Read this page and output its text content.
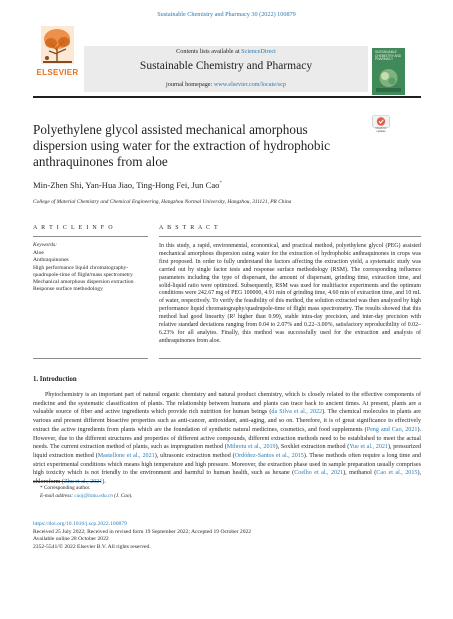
Sustainable Chemistry and Pharmacy 30 (2022) 100879
ELSEVIER
Contents lists available at ScienceDirect
Sustainable Chemistry and Pharmacy
journal homepage: www.elsevier.com/locate/scp
SUSTAINABLE CHEMISTRY AND PHARMACY
Check for updates
Polyethylene glycol assisted mechanical amorphous dispersion using water for the extraction of hydrophobic anthraquinones from aloe
Min-Zhen Shi, Yan-Hua Jiao, Ting-Hong Fei, Jun Cao*
College of Material Chemistry and Chemical Engineering, Hangzhou Normal University, Hangzhou, 311121, PR China
A R T I C L E I N F O	A B S T R A C T
Keywords:
Aloe
Anthraquinones
High performance liquid chromatography-
quadrupole-time of flight/mass spectrometry
Mechanical amorphous dispersion extraction
Response surface methodology
In this study, a rapid, environmental, economical, and practical method, polyethylene glycol (PEG) assisted mechanical amorphous dispersion using water for the extraction of hydrophobic anthraquinones in crops was first proposed. In order to fully understand the factors affecting the extraction yield, a systematic study was carried out by single factor tests and response surface methodology (RSM). The corresponding influence parameters including the type of dispersant, the amount of dispersant, grinding time, extraction time, and solid-liquid ratio were optimized. Subsequently, RSM was used for multifactor experiments and the optimum conditions were 242.67 mg of PEG 100000, 4.91 min of grinding time, 4.60 min of extraction time, and 10 mL of water, respectively. To verify the feasibility of this method, the solution extracted was then analyzed by high performance liquid chromatography/quadrupole-time of flight mass spectrometry. The results showed that this method had good linearity (R² higher than 0.99), stable intra-day precision, and inter-day precision with relative standard deviations ranging from 0.04 to 2.07% and 0.22–3.00%, satisfactory reproducibility of 0.02–6.23% for all analytes. Finally, this method was successfully used for the extraction and analysis of anthraquinones from aloe.
1. Introduction

Phytochemistry is an important part of natural organic chemistry and natural product chemistry, which is closely related to the effective components of medicine and the systematic classification of plants. The relationship between humans and plants can trace back to ancient times. At present, plants are a valuable source of fiber and active ingredients which provide rich nutrition for human beings (da Silva et al., 2022). The chemical molecules in plants are various and present different bioactive properties such as anti-cancer, antioxidant, anti-aging, and so on. Therefore, it is of great significance to effectively extract the active ingredients from plants which are the foundation of synthetic natural medicines, cosmetics, and food supplements (Peng and Cao, 2021). However, due to the different structures and properties of different active compounds, different extraction methods need to be established to meet the actual needs. The current extraction method of plants, such as impregnation method (Mihretu et al., 2019), Soxhlet extraction method (Yue et al., 2021), pressurized liquid extraction method (Mastellone et al., 2021), ultrasonic extraction method (Ordóñez-Santos et al., 2015). These methods often require a long time and strict experimental conditions which means high temperature and high pressure. Moreover, the extraction phase used in sample preparation usually comprises high toxicity which is not friendly to the environment and harmful to human health, such as hexane (Coelho et al., 2021), methanol (Cao et al., 2015), chloroform (Zhu et al., 2021).

* Corresponding author.
E-mail address: caoj@hznu.edu.cn (J. Cao).
https://doi.org/10.1016/j.scp.2022.100879
Received 25 July 2022; Received in revised form 19 September 2022; Accepted 19 October 2022
Available online 28 October 2022
2352-5541/© 2022 Elsevier B.V. All rights reserved.
